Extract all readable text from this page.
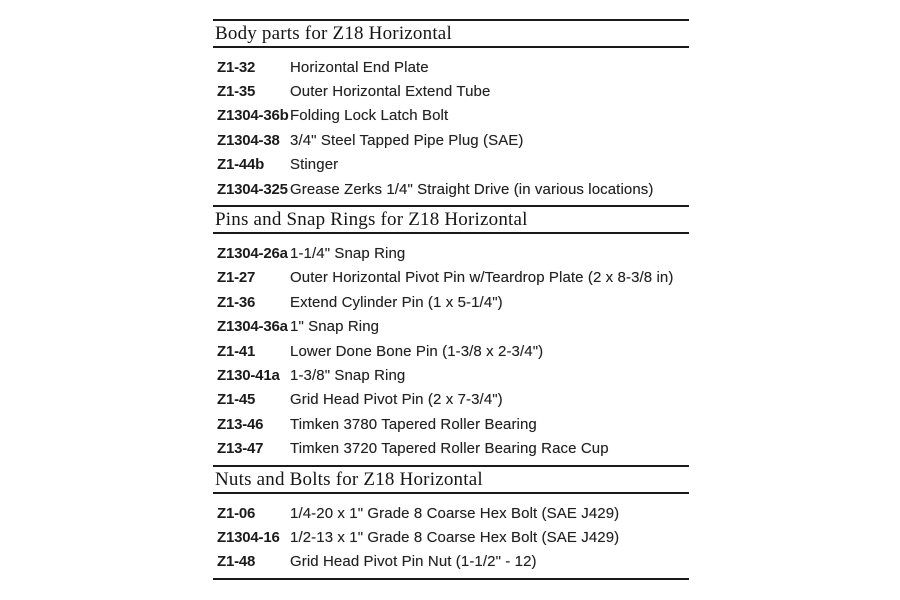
Body parts for Z18 Horizontal
Z1-32	Horizontal End Plate
Z1-35	Outer Horizontal Extend Tube
Z1304-36b Folding Lock Latch Bolt
Z1304-38 3/4" Steel Tapped Pipe Plug (SAE)
Z1-44b	Stinger
Z1304-325 Grease Zerks 1/4" Straight Drive (in various locations)
Pins and Snap Rings for Z18 Horizontal
Z1304-26a 1-1/4" Snap Ring
Z1-27	Outer Horizontal Pivot Pin w/Teardrop Plate (2 x 8-3/8 in)
Z1-36	Extend Cylinder Pin (1 x 5-1/4")
Z1304-36a 1" Snap Ring
Z1-41	Lower Done Bone Pin (1-3/8 x 2-3/4")
Z130-41a 1-3/8" Snap Ring
Z1-45	Grid Head Pivot Pin (2 x 7-3/4")
Z13-46	Timken 3780 Tapered Roller Bearing
Z13-47	Timken 3720 Tapered Roller Bearing Race Cup
Nuts and Bolts for Z18 Horizontal
Z1-06	1/4-20 x 1" Grade 8 Coarse Hex Bolt (SAE J429)
Z1304-16 1/2-13 x 1" Grade 8 Coarse Hex Bolt (SAE J429)
Z1-48	Grid Head Pivot Pin Nut (1-1/2" - 12)
